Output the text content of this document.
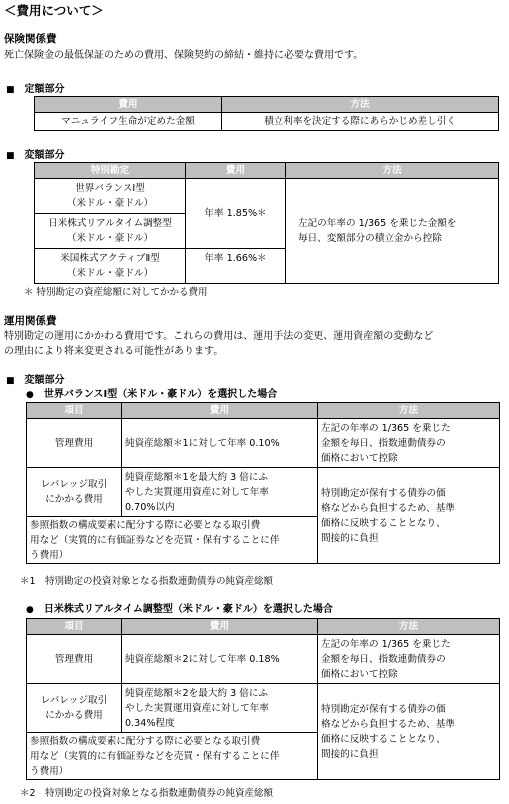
＜費用について＞
保険関係費
死亡保険金の最低保証のための費用、保険契約の締結・維持に必要な費用です。
■ 定額部分
費用	方法
マニュライフ生命が定めた金額	積立利率を決定する際にあらかじめ差し引く
■ 変額部分
特別勘定	費用	方法
世界バランスⅠ型
（米ドル・豪ドル）	年率 1.85%＊	左記の年率の 1/365 を乗じた金額を
毎日、変額部分の積立金から控除
日米株式リアルタイム調整型
（米ドル・豪ドル）		
米国株式アクティブⅡ型
（米ドル・豪ドル）	年率 1.66%＊	
＊ 特別勘定の資産総額に対してかかる費用
運用関係費
特別勘定の運用にかかわる費用です。これらの費用は、運用手法の変更、運用資産額の変動など
の理由により将来変更される可能性があります。
■ 変額部分
● 世界バランスⅠ型（米ドル・豪ドル）を選択した場合
項目	費用	方法
管理費用	純資産総額＊1に対して年率 0.10%	左記の年率の 1/365 を乗じた
金額を毎日、指数連動債券の
価格において控除
レバレッジ取引
にかかる費用	純資産総額＊1を最大約 3 倍にふ
やした実質運用資産に対して年率
0.70%以内	特別勘定が保有する債券の価
格などから負担するため、基準
価格に反映することとなり、
間接的に負担
参照指数の構成要素に配分する際に必要となる取引費
用など（実質的に有価証券などを売買・保有することに伴
う費用）		
＊1　特別勘定の投資対象となる指数連動債券の純資産総額
● 日米株式リアルタイム調整型（米ドル・豪ドル）を選択した場合
項目	費用	方法
管理費用	純資産総額＊2に対して年率 0.18%	左記の年率の 1/365 を乗じた
金額を毎日、指数連動債券の
価格において控除
レバレッジ取引
にかかる費用	純資産総額＊2を最大約 3 倍にふ
やした実質運用資産に対して年率
0.34%程度	特別勘定が保有する債券の価
格などから負担するため、基準
価格に反映することとなり、
間接的に負担
参照指数の構成要素に配分する際に必要となる取引費
用など（実質的に有価証券などを売買・保有することに伴
う費用）		
＊2　特別勘定の投資対象となる指数連動債券の純資産総額
